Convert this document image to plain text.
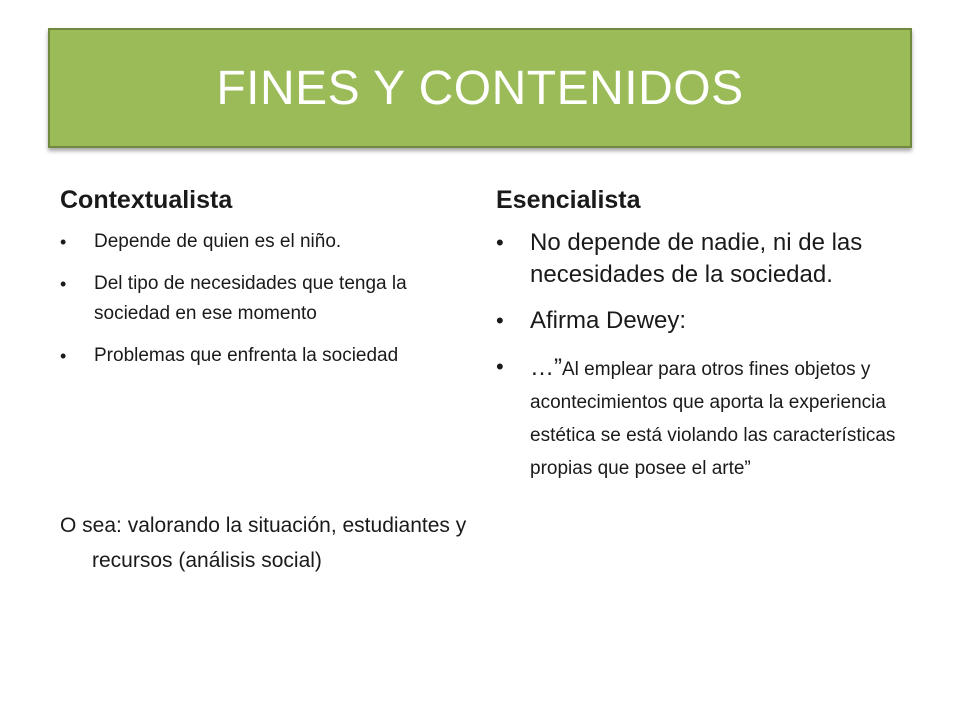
FINES Y CONTENIDOS
Contextualista
• Depende de quien es el niño.
• Del tipo de necesidades que tenga la sociedad en ese momento
• Problemas que enfrenta la sociedad
O sea: valorando la situación, estudiantes y recursos (análisis social)
Esencialista
• No depende de nadie, ni de las necesidades de la sociedad.
• Afirma Dewey:
• …”Al emplear para otros fines objetos y acontecimientos que aporta la experiencia estética se está violando las características propias que posee el arte”
